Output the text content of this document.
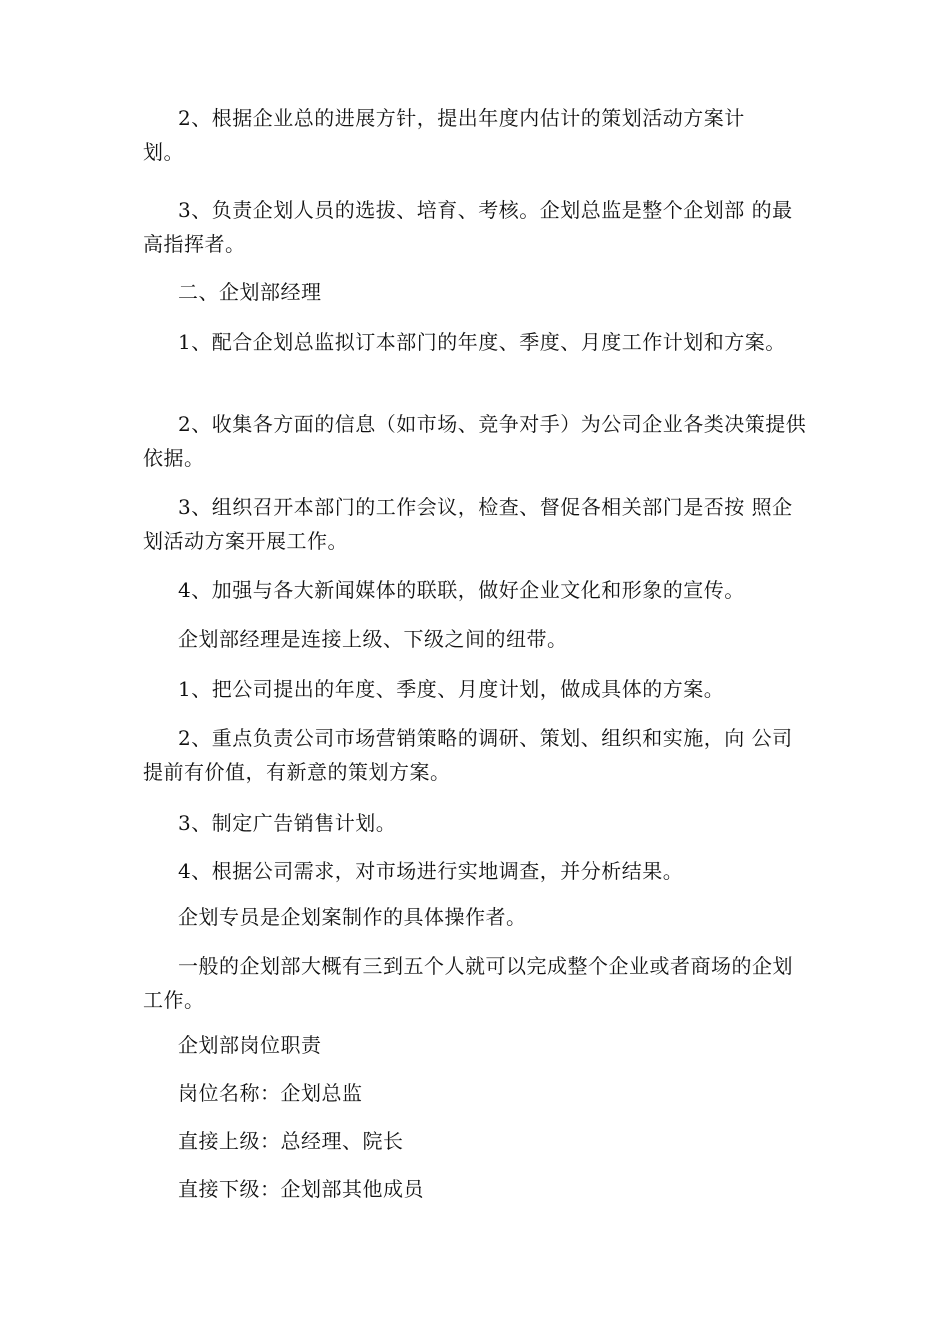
2、根据企业总的进展方针，提出年度内估计的策划活动方案计划。

3、负责企划人员的选拔、培育、考核。企划总监是整个企划部 的最高指挥者。

二、企划部经理

1、配合企划总监拟订本部门的年度、季度、月度工作计划和方案。

2、收集各方面的信息（如市场、竞争对手）为公司企业各类决策提供依据。

3、组织召开本部门的工作会议，检查、督促各相关部门是否按 照企划活动方案开展工作。

4、加强与各大新闻媒体的联联，做好企业文化和形象的宣传。

企划部经理是连接上级、下级之间的纽带。

1、把公司提出的年度、季度、月度计划，做成具体的方案。

2、重点负责公司市场营销策略的调研、策划、组织和实施，向 公司提前有价值，有新意的策划方案。

3、制定广告销售计划。

4、根据公司需求，对市场进行实地调查，并分析结果。

企划专员是企划案制作的具体操作者。

一般的企划部大概有三到五个人就可以完成整个企业或者商场的企划工作。

企划部岗位职责

岗位名称：企划总监

直接上级：总经理、院长

直接下级：企划部其他成员
